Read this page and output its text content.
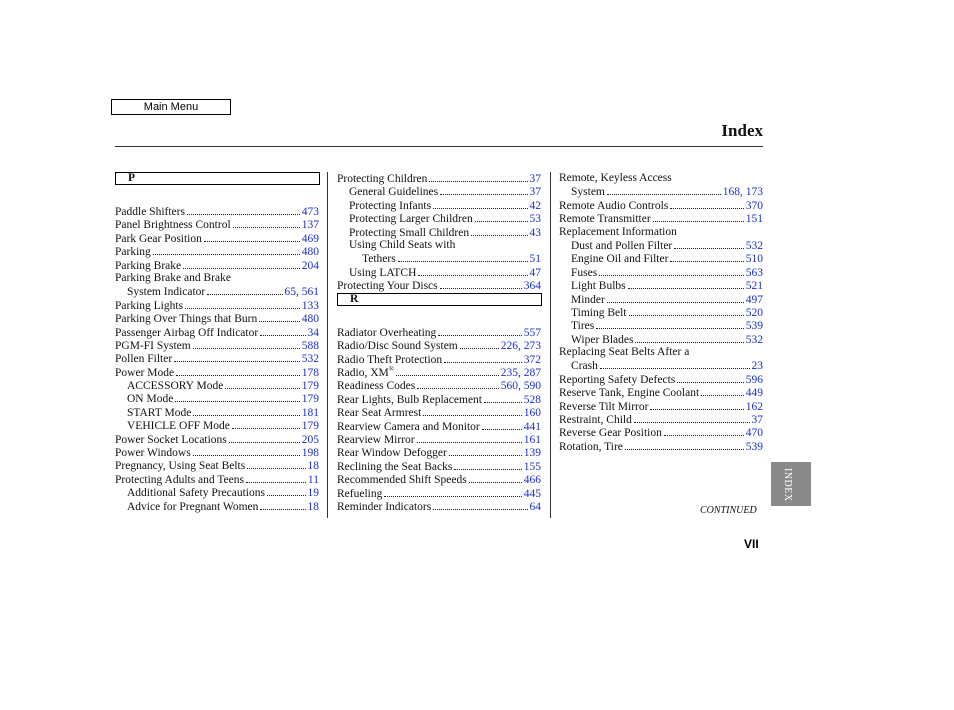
Main Menu
Index
P
Paddle Shifters	473
Panel Brightness Control	137
Park Gear Position	469
Parking	480
Parking Brake	204
Parking Brake and Brake
System Indicator	65, 561
Parking Lights	133
Parking Over Things that Burn	480
Passenger Airbag Off Indicator	34
PGM-FI System	588
Pollen Filter	532
Power Mode	178
ACCESSORY Mode	179
ON Mode	179
START Mode	181
VEHICLE OFF Mode	179
Power Socket Locations	205
Power Windows	198
Pregnancy, Using Seat Belts	18
Protecting Adults and Teens	11
Additional Safety Precautions	19
Advice for Pregnant Women	18
Protecting Children	37
General Guidelines	37
Protecting Infants	42
Protecting Larger Children	53
Protecting Small Children	43
Using Child Seats with
Tethers	51
Using LATCH	47
Protecting Your Discs	364
R
Radiator Overheating	557
Radio/Disc Sound System	226, 273
Radio Theft Protection	372
Radio, XM®	235, 287
Readiness Codes	560, 590
Rear Lights, Bulb Replacement	528
Rear Seat Armrest	160
Rearview Camera and Monitor	441
Rearview Mirror	161
Rear Window Defogger	139
Reclining the Seat Backs	155
Recommended Shift Speeds	466
Refueling	445
Reminder Indicators	64
Remote, Keyless Access
System	168, 173
Remote Audio Controls	370
Remote Transmitter	151
Replacement Information
Dust and Pollen Filter	532
Engine Oil and Filter	510
Fuses	563
Light Bulbs	521
Minder	497
Timing Belt	520
Tires	539
Wiper Blades	532
Replacing Seat Belts After a
Crash	23
Reporting Safety Defects	596
Reserve Tank, Engine Coolant	449
Reverse Tilt Mirror	162
Restraint, Child	37
Reverse Gear Position	470
Rotation, Tire	539
CONTINUED
VII
INDEX
